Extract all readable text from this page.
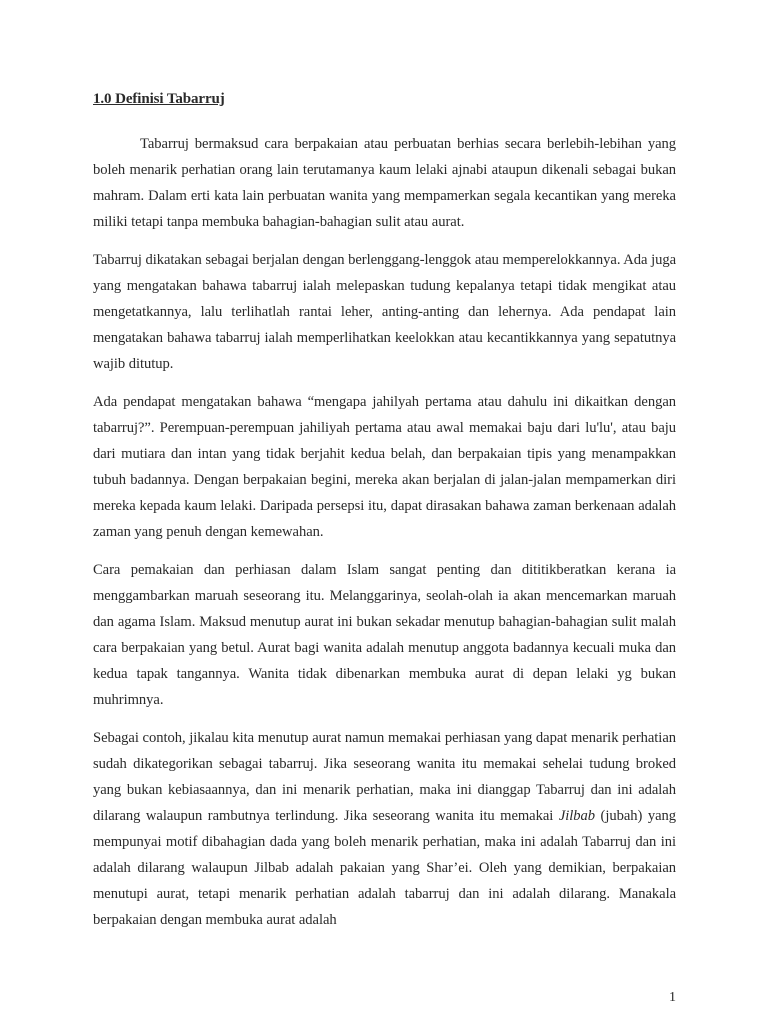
1.0 Definisi Tabarruj

Tabarruj bermaksud cara berpakaian atau perbuatan berhias secara berlebih-lebihan yang boleh menarik perhatian orang lain terutamanya kaum lelaki ajnabi ataupun dikenali sebagai bukan mahram. Dalam erti kata lain perbuatan wanita yang mempamerkan segala kecantikan yang mereka miliki tetapi tanpa membuka bahagian-bahagian sulit atau aurat.

Tabarruj dikatakan sebagai berjalan dengan berlenggang-lenggok atau memperelokkannya. Ada juga yang mengatakan bahawa tabarruj ialah melepaskan tudung kepalanya tetapi tidak mengikat atau mengetatkannya, lalu terlihatlah rantai leher, anting-anting dan lehernya. Ada pendapat lain mengatakan bahawa tabarruj ialah memperlihatkan keelokkan atau kecantikkannya yang sepatutnya wajib ditutup.

Ada pendapat mengatakan bahawa “mengapa jahilyah pertama atau dahulu ini dikaitkan dengan tabarruj?”. Perempuan-perempuan jahiliyah pertama atau awal memakai baju dari lu'lu', atau baju dari mutiara dan intan yang tidak berjahit kedua belah, dan berpakaian tipis yang menampakkan tubuh badannya. Dengan berpakaian begini, mereka akan berjalan di jalan-jalan mempamerkan diri mereka kepada kaum lelaki. Daripada persepsi itu, dapat dirasakan bahawa zaman berkenaan adalah zaman yang penuh dengan kemewahan.

Cara pemakaian dan perhiasan dalam Islam sangat penting dan dititikberatkan kerana ia menggambarkan maruah seseorang itu. Melanggarinya, seolah-olah ia akan mencemarkan maruah dan agama Islam. Maksud menutup aurat ini bukan sekadar menutup bahagian-bahagian sulit malah cara berpakaian yang betul. Aurat bagi wanita adalah menutup anggota badannya kecuali muka dan kedua tapak tangannya. Wanita tidak dibenarkan membuka aurat di depan lelaki yg bukan muhrimnya.

Sebagai contoh, jikalau kita menutup aurat namun memakai perhiasan yang dapat menarik perhatian sudah dikategorikan sebagai tabarruj. Jika seseorang wanita itu memakai sehelai tudung broked yang bukan kebiasaannya, dan ini menarik perhatian, maka ini dianggap Tabarruj dan ini adalah dilarang walaupun rambutnya terlindung. Jika seseorang wanita itu memakai Jilbab (jubah) yang mempunyai motif dibahagian dada yang boleh menarik perhatian, maka ini adalah Tabarruj dan ini adalah dilarang walaupun Jilbab adalah pakaian yang Shar’ei. Oleh yang demikian, berpakaian menutupi aurat, tetapi menarik perhatian adalah tabarruj dan ini adalah dilarang. Manakala berpakaian dengan membuka aurat adalah

1
